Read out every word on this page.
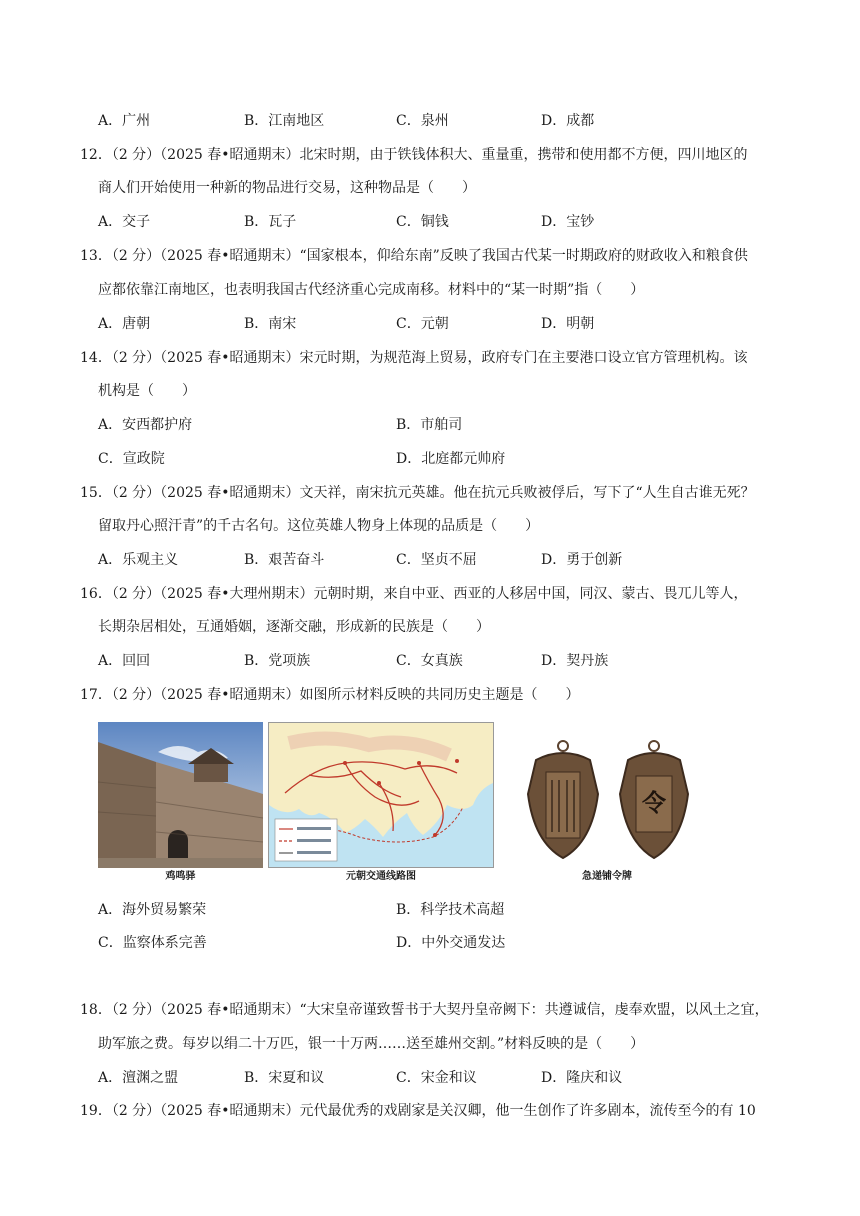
A．广州	B．江南地区	C．泉州	D．成都
12．（2 分）（2025 春•昭通期末）北宋时期，由于铁钱体积大、重量重，携带和使用都不方便，四川地区的
商人们开始使用一种新的物品进行交易，这种物品是（　　）
A．交子	B．瓦子	C．铜钱	D．宝钞
13．（2 分）（2025 春•昭通期末）“国家根本，仰给东南”反映了我国古代某一时期政府的财政收入和粮食供
应都依靠江南地区，也表明我国古代经济重心完成南移。材料中的“某一时期”指（　　）
A．唐朝	B．南宋	C．元朝	D．明朝
14．（2 分）（2025 春•昭通期末）宋元时期，为规范海上贸易，政府专门在主要港口设立官方管理机构。该
机构是（　　）
A．安西都护府	B．市舶司
C．宣政院	D．北庭都元帅府
15．（2 分）（2025 春•昭通期末）文天祥，南宋抗元英雄。他在抗元兵败被俘后，写下了“人生自古谁无死？
留取丹心照汗青”的千古名句。这位英雄人物身上体现的品质是（　　）
A．乐观主义	B．艰苦奋斗	C．坚贞不屈	D．勇于创新
16．（2 分）（2025 春•大理州期末）元朝时期，来自中亚、西亚的人移居中国，同汉、蒙古、畏兀儿等人，
长期杂居相处，互通婚姻，逐渐交融，形成新的民族是（　　）
A．回回	B．党项族	C．女真族	D．契丹族
17．（2 分）（2025 春•昭通期末）如图所示材料反映的共同历史主题是（　　）
鸡鸣驿	元朝交通线路图
令
急递铺令牌
A．海外贸易繁荣	B．科学技术高超
C．监察体系完善	D．中外交通发达
18．（2 分）（2025 春•昭通期末）“大宋皇帝谨致誓书于大契丹皇帝阙下：共遵诚信，虔奉欢盟，以风土之宜，
助军旅之费。每岁以绢二十万匹，银一十万两……送至雄州交割。”材料反映的是（　　）
A．澶渊之盟	B．宋夏和议	C．宋金和议	D．隆庆和议
19．（2 分）（2025 春•昭通期末）元代最优秀的戏剧家是关汉卿，他一生创作了许多剧本，流传至今的有 10
